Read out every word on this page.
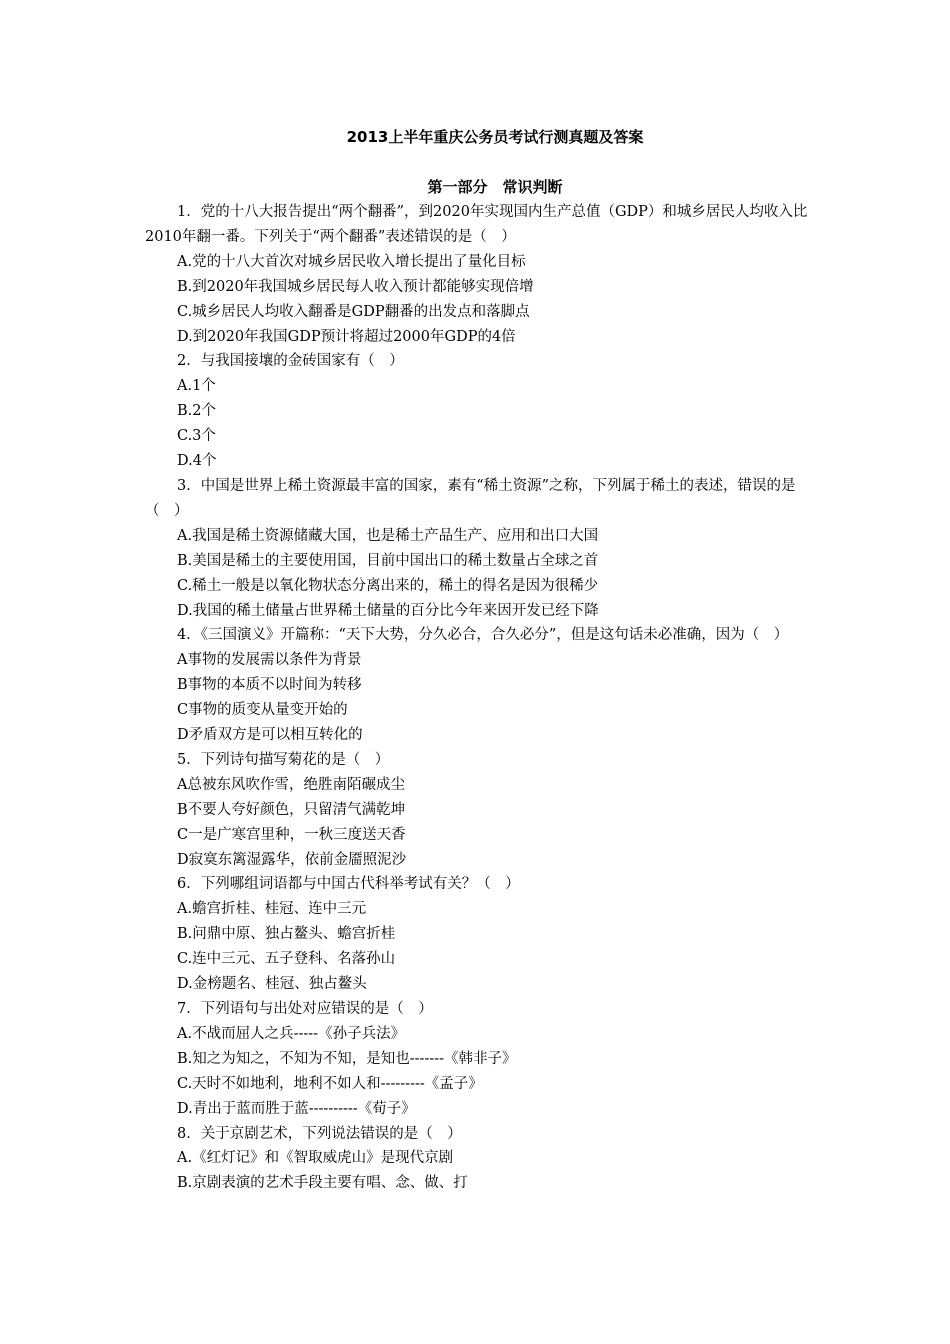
2013上半年重庆公务员考试行测真题及答案
第一部分　常识判断

1．党的十八大报告提出“两个翻番”，到2020年实现国内生产总值（GDP）和城乡居民人均收入比2010年翻一番。下列关于“两个翻番”表述错误的是（　）

A.党的十八大首次对城乡居民收入增长提出了量化目标

B.到2020年我国城乡居民每人收入预计都能够实现倍增

C.城乡居民人均收入翻番是GDP翻番的出发点和落脚点

D.到2020年我国GDP预计将超过2000年GDP的4倍

2．与我国接壤的金砖国家有（　）

A.1个

B.2个

C.3个

D.4个

3．中国是世界上稀土资源最丰富的国家，素有“稀土资源”之称，下列属于稀土的表述，错误的是（　）

A.我国是稀土资源储藏大国，也是稀土产品生产、应用和出口大国

B.美国是稀土的主要使用国，目前中国出口的稀土数量占全球之首

C.稀土一般是以氧化物状态分离出来的，稀土的得名是因为很稀少

D.我国的稀土储量占世界稀土储量的百分比今年来因开发已经下降

4．《三国演义》开篇称：“天下大势，分久必合，合久必分”，但是这句话未必准确，因为（　）

A事物的发展需以条件为背景

B事物的本质不以时间为转移

C事物的质变从量变开始的

D矛盾双方是可以相互转化的

5．下列诗句描写菊花的是（　）

A总被东风吹作雪，绝胜南陌碾成尘

B不要人夸好颜色，只留清气满乾坤

C一是广寒宫里种，一秋三度送天香

D寂寞东篱湿露华，依前金靥照泥沙

6．下列哪组词语都与中国古代科举考试有关？（　）

A.蟾宫折桂、桂冠、连中三元

B.问鼎中原、独占鳌头、蟾宫折桂

C.连中三元、五子登科、名落孙山

D.金榜题名、桂冠、独占鳌头

7．下列语句与出处对应错误的是（　）

A.不战而屈人之兵-----《孙子兵法》

B.知之为知之，不知为不知，是知也-------《韩非子》

C.天时不如地利，地利不如人和---------《孟子》

D.青出于蓝而胜于蓝----------《荀子》

8．关于京剧艺术，下列说法错误的是（　）

A.《红灯记》和《智取威虎山》是现代京剧

B.京剧表演的艺术手段主要有唱、念、做、打
